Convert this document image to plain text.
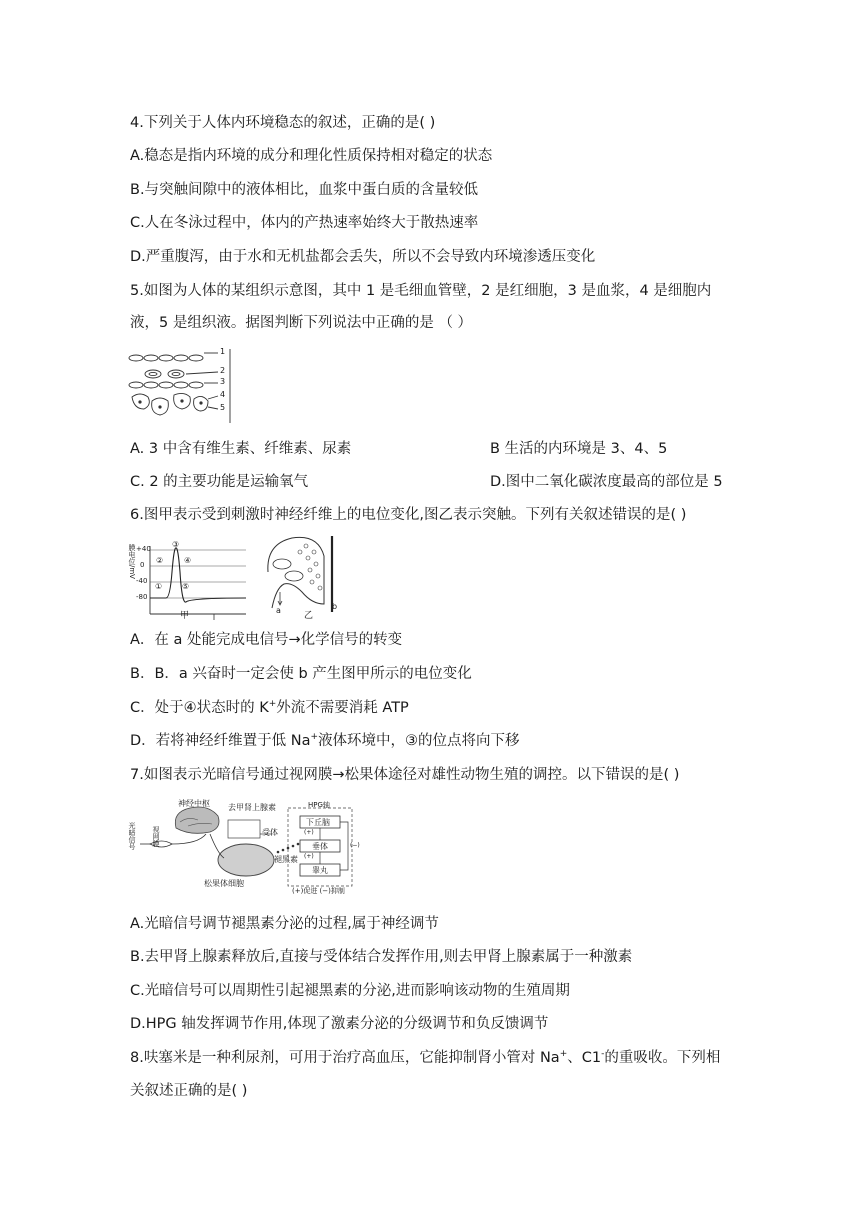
4.下列关于人体内环境稳态的叙述，正确的是( )
A.稳态是指内环境的成分和理化性质保持相对稳定的状态
B.与突触间隙中的液体相比，血浆中蛋白质的含量较低
C.人在冬泳过程中，体内的产热速率始终大于散热速率
D.严重腹泻，由于水和无机盐都会丢失，所以不会导致内环境渗透压变化
5.如图为人体的某组织示意图，其中 1 是毛细血管壁，2 是红细胞，3 是血浆，4 是细胞内
液，5 是组织液。据图判断下列说法中正确的是 （ ）
1
2
3
4
5
A. 3 中含有维生素、纤维素、尿素	B 生活的内环境是 3、4、5
C. 2 的主要功能是运输氧气	D.图中二氧化碳浓度最高的部位是 5
6.图甲表示受到刺激时神经纤维上的电位变化,图乙表示突触。下列有关叙述错误的是( )
膜电位/mV +40
0
-40
-80
①
②
③
④
⑤
甲
a	b
乙
A．在 a 处能完成电信号→化学信号的转变
B．B．a 兴奋时一定会使 b 产生图甲所示的电位变化
C．处于④状态时的 K+外流不需要消耗 ATP
D．若将神经纤维置于低 Na+液体环境中，③的位点将向下移
7.如图表示光暗信号通过视网膜→松果体途径对雄性动物生殖的调控。以下错误的是( )
神经中枢 去甲肾上腺素
受体
HPG轴
光暗信号 视网膜
褪黑素
松果体细胞
下丘脑
垂体
睾丸
(+)
(+)
(−)
(+)促进 (−)抑制
A.光暗信号调节褪黑素分泌的过程,属于神经调节
B.去甲肾上腺素释放后,直接与受体结合发挥作用,则去甲肾上腺素属于一种激素
C.光暗信号可以周期性引起褪黑素的分泌,进而影响该动物的生殖周期
D.HPG 轴发挥调节作用,体现了激素分泌的分级调节和负反馈调节
8.呋塞米是一种利尿剂，可用于治疗高血压，它能抑制肾小管对 Na+、C1-的重吸收。下列相
关叙述正确的是( )
